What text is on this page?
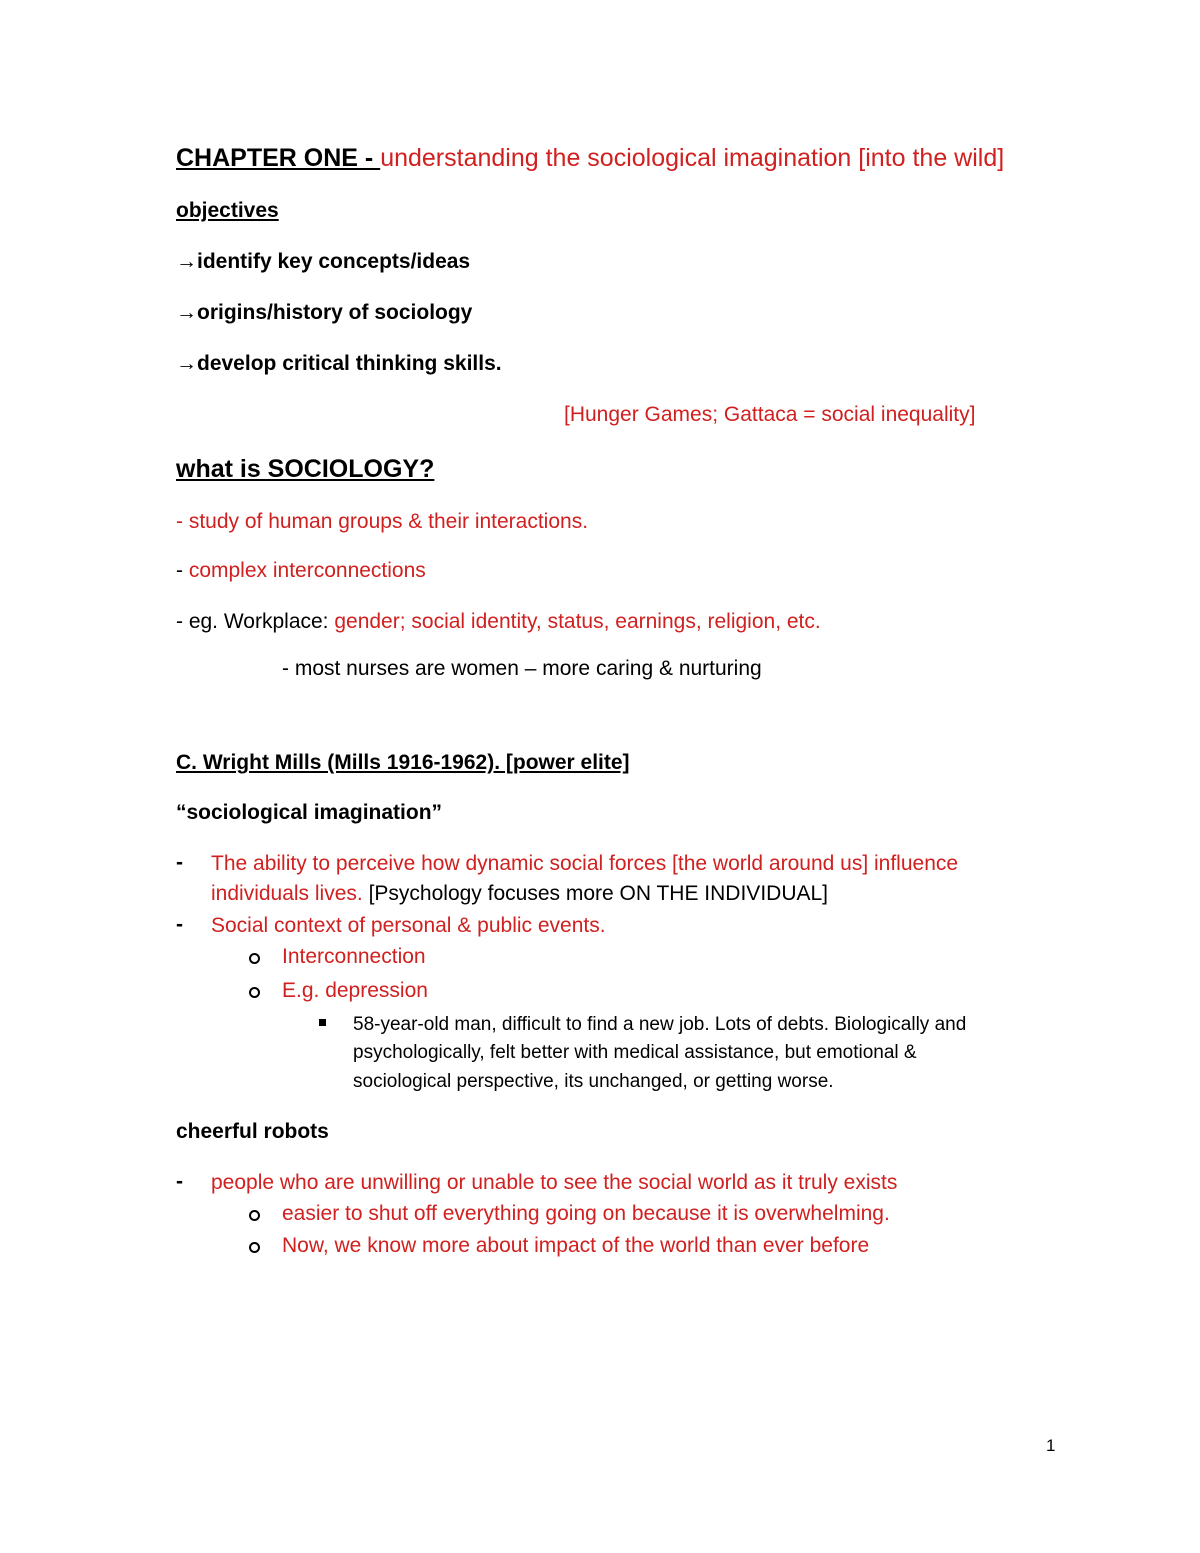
CHAPTER ONE - understanding the sociological imagination [into the wild]
objectives
→identify key concepts/ideas
→origins/history of sociology
→develop critical thinking skills.
[Hunger Games; Gattaca = social inequality]
what is SOCIOLOGY?
- study of human groups & their interactions.
- complex interconnections
- eg. Workplace: gender; social identity, status, earnings, religion, etc.
- most nurses are women – more caring & nurturing
C. Wright Mills (Mills 1916-1962). [power elite]
“sociological imagination”
- The ability to perceive how dynamic social forces [the world around us] influence
individuals lives. [Psychology focuses more ON THE INDIVIDUAL]
- Social context of personal & public events.
Interconnection
E.g. depression
58-year-old man, difficult to find a new job. Lots of debts. Biologically and
psychologically, felt better with medical assistance, but emotional &
sociological perspective, its unchanged, or getting worse.
cheerful robots
- people who are unwilling or unable to see the social world as it truly exists
easier to shut off everything going on because it is overwhelming.
Now, we know more about impact of the world than ever before
1
